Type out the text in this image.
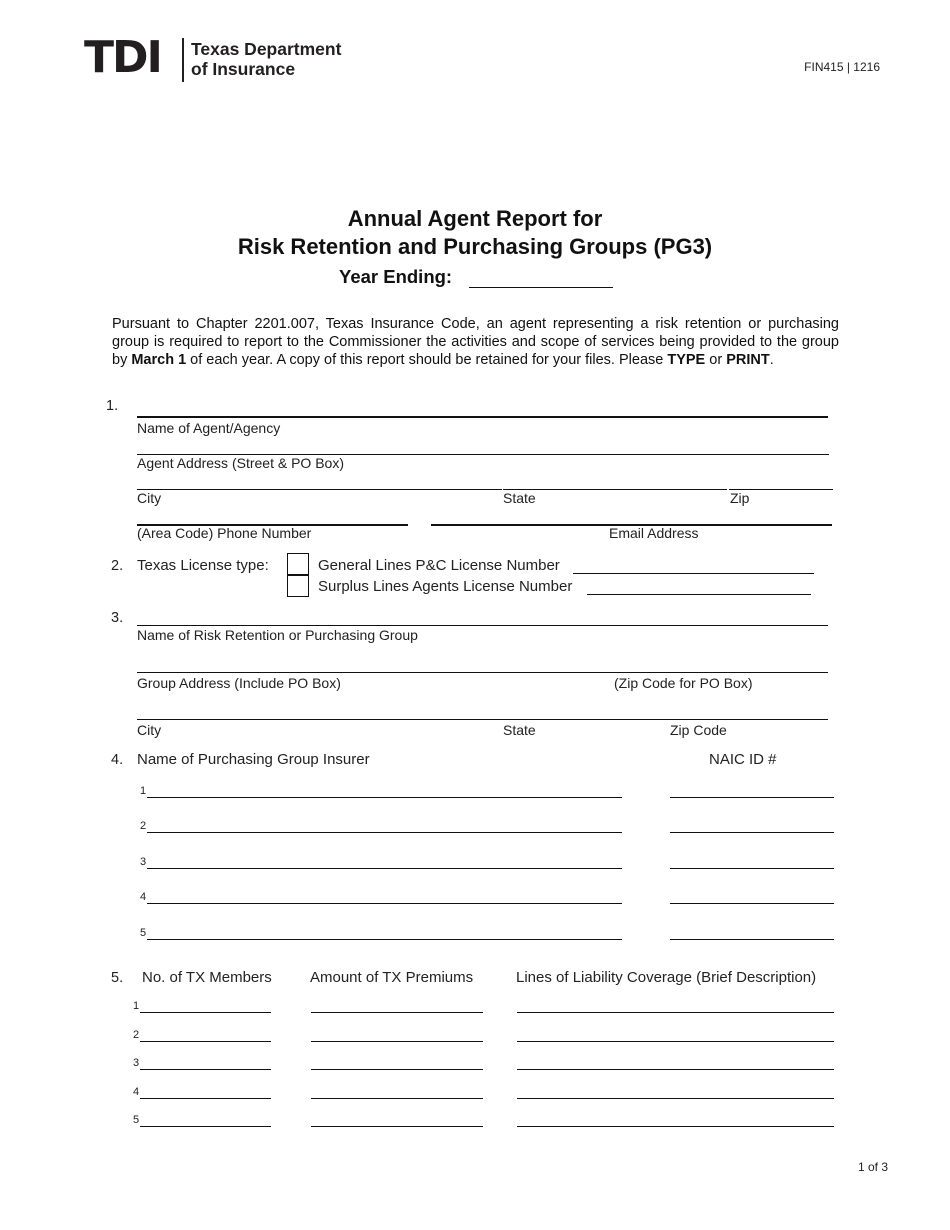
TDI Texas Department
of Insurance	FIN415 | 1216
Annual Agent Report for
Risk Retention and Purchasing Groups (PG3)
Year Ending:
Pursuant to Chapter 2201.007, Texas Insurance Code, an agent representing a risk retention or purchasing group is required to report to the Commissioner the activities and scope of services being provided to the group by March 1 of each year. A copy of this report should be retained for your files. Please TYPE or PRINT.
1.
Name of Agent/Agency
Agent Address (Street & PO Box)
City	State	Zip
(Area Code) Phone Number	Email Address
2. Texas License type:	General Lines P&C License Number
Surplus Lines Agents License Number
3.
Name of Risk Retention or Purchasing Group
Group Address (Include PO Box)	(Zip Code for PO Box)
City	State	Zip Code
4. Name of Purchasing Group Insurer	NAIC ID #
1
2
3
4
5
5. No. of TX Members	Amount of TX Premiums	Lines of Liability Coverage (Brief Description)
1
2
3
4
5
1 of 3
